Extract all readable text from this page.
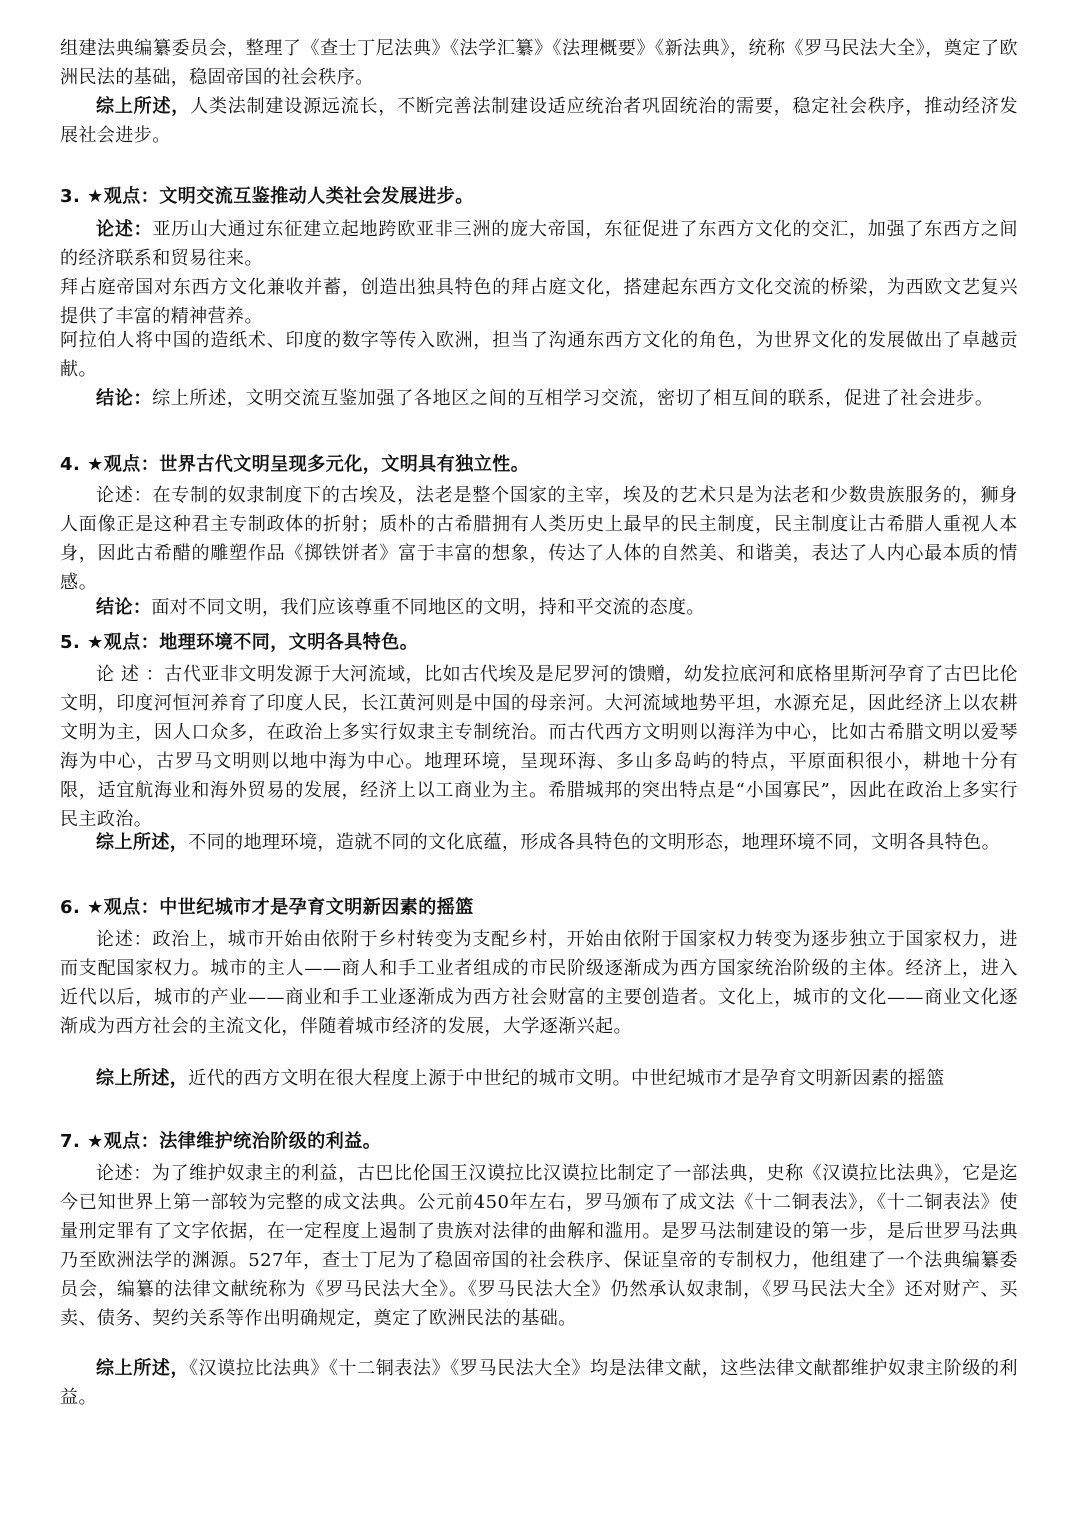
组建法典编纂委员会，整理了《查士丁尼法典》《法学汇纂》《法理概要》《新法典》，统称《罗马民法大全》，奠定了欧洲民法的基础，稳固帝国的社会秩序。

综上所述，人类法制建设源远流长，不断完善法制建设适应统治者巩固统治的需要，稳定社会秩序，推动经济发展社会进步。

3. ★观点：文明交流互鉴推动人类社会发展进步。

论述：亚历山大通过东征建立起地跨欧亚非三洲的庞大帝国，东征促进了东西方文化的交汇，加强了东西方之间的经济联系和贸易往来。

拜占庭帝国对东西方文化兼收并蓄，创造出独具特色的拜占庭文化，搭建起东西方文化交流的桥梁，为西欧文艺复兴提供了丰富的精神营养。

阿拉伯人将中国的造纸术、印度的数字等传入欧洲，担当了沟通东西方文化的角色，为世界文化的发展做出了卓越贡献。

结论：综上所述，文明交流互鉴加强了各地区之间的互相学习交流，密切了相互间的联系，促进了社会进步。

4. ★观点：世界古代文明呈现多元化，文明具有独立性。

论述：在专制的奴隶制度下的古埃及，法老是整个国家的主宰，埃及的艺术只是为法老和少数贵族服务的，狮身人面像正是这种君主专制政体的折射；质朴的古希腊拥有人类历史上最早的民主制度，民主制度让古希腊人重视人本身，因此古希醋的雕塑作品《掷铁饼者》富于丰富的想象，传达了人体的自然美、和谐美，表达了人内心最本质的情感。

结论：面对不同文明，我们应该尊重不同地区的文明，持和平交流的态度。

5. ★观点：地理环境不同，文明各具特色。

论 述 ：古代亚非文明发源于大河流域，比如古代埃及是尼罗河的馈赠，幼发拉底河和底格里斯河孕育了古巴比伦文明，印度河恒河养育了印度人民，长江黄河则是中国的母亲河。大河流域地势平坦，水源充足，因此经济上以农耕文明为主，因人口众多，在政治上多实行奴隶主专制统治。而古代西方文明则以海洋为中心，比如古希腊文明以爱琴海为中心，古罗马文明则以地中海为中心。地理环境，呈现环海、多山多岛屿的特点，平原面积很小，耕地十分有限，适宜航海业和海外贸易的发展，经济上以工商业为主。希腊城邦的突出特点是“小国寡民”，因此在政治上多实行民主政治。

综上所述，不同的地理环境，造就不同的文化底蕴，形成各具特色的文明形态，地理环境不同，文明各具特色。

6. ★观点：中世纪城市才是孕育文明新因素的摇篮

论述：政治上，城市开始由依附于乡村转变为支配乡村，开始由依附于国家权力转变为逐步独立于国家权力，进而支配国家权力。城市的主人——商人和手工业者组成的市民阶级逐渐成为西方国家统治阶级的主体。经济上，进入近代以后，城市的产业——商业和手工业逐渐成为西方社会财富的主要创造者。文化上，城市的文化——商业文化逐渐成为西方社会的主流文化，伴随着城市经济的发展，大学逐渐兴起。

综上所述，近代的西方文明在很大程度上源于中世纪的城市文明。中世纪城市才是孕育文明新因素的摇篮

7. ★观点：法律维护统治阶级的利益。

论述：为了维护奴隶主的利益，古巴比伦国王汉谟拉比汉谟拉比制定了一部法典，史称《汉谟拉比法典》，它是迄今已知世界上第一部较为完整的成文法典。公元前450年左右，罗马颁布了成文法《十二铜表法》，《十二铜表法》使量刑定罪有了文字依据，在一定程度上遏制了贵族对法律的曲解和滥用。是罗马法制建设的第一步，是后世罗马法典乃至欧洲法学的渊源。527年，查士丁尼为了稳固帝国的社会秩序、保证皇帝的专制权力，他组建了一个法典编纂委员会，编纂的法律文献统称为《罗马民法大全》。《罗马民法大全》仍然承认奴隶制，《罗马民法大全》还对财产、买卖、债务、契约关系等作出明确规定，奠定了欧洲民法的基础。

综上所述，《汉谟拉比法典》《十二铜表法》《罗马民法大全》均是法律文献，这些法律文献都维护奴隶主阶级的利益。
